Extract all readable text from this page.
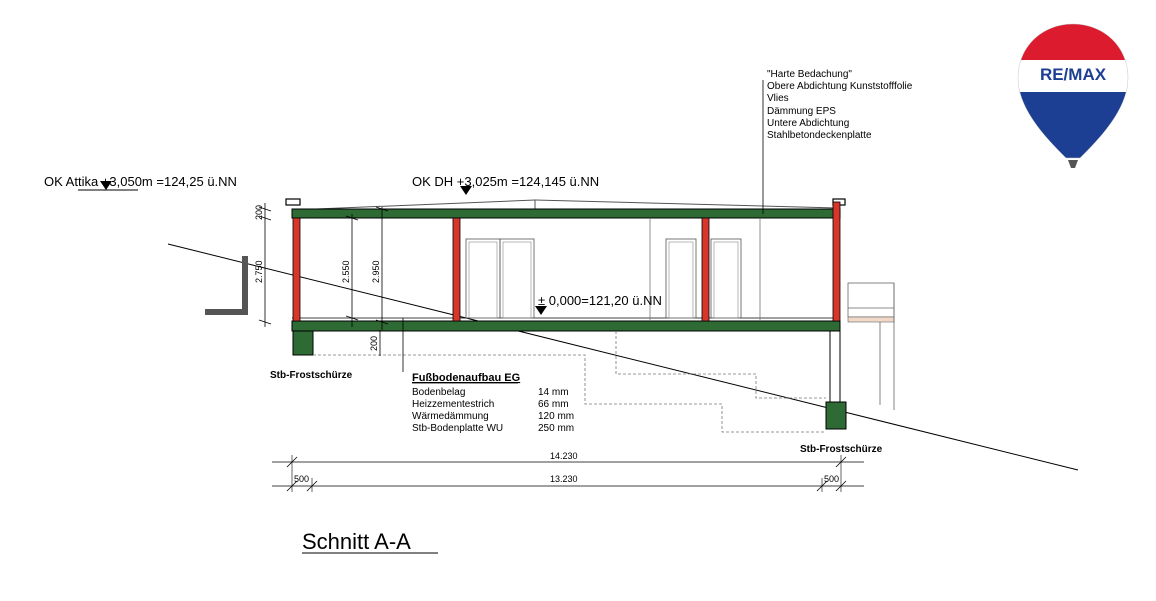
OK Attika +3,050m =124,25 ü.NN	OK DH +3,025m =124,145 ü.NN
± 0,000=121,20 ü.NN
Stb-Frostschürze
Stb-Frostschürze
"Harte Bedachung"
Obere Abdichtung Kunststofffolie
Vlies
Dämmung EPS
Untere Abdichtung
Stahlbetondeckenplatte
Fußbodenaufbau EG
Bodenbelag	14 mm
Heizzementestrich	66 mm
Wärmedämmung	120 mm
Stb-Bodenplatte WU	250 mm
200
2.750	2.550 2.950
200
14.230
13.230
500	500
Schnitt A-A
RE/MAX
